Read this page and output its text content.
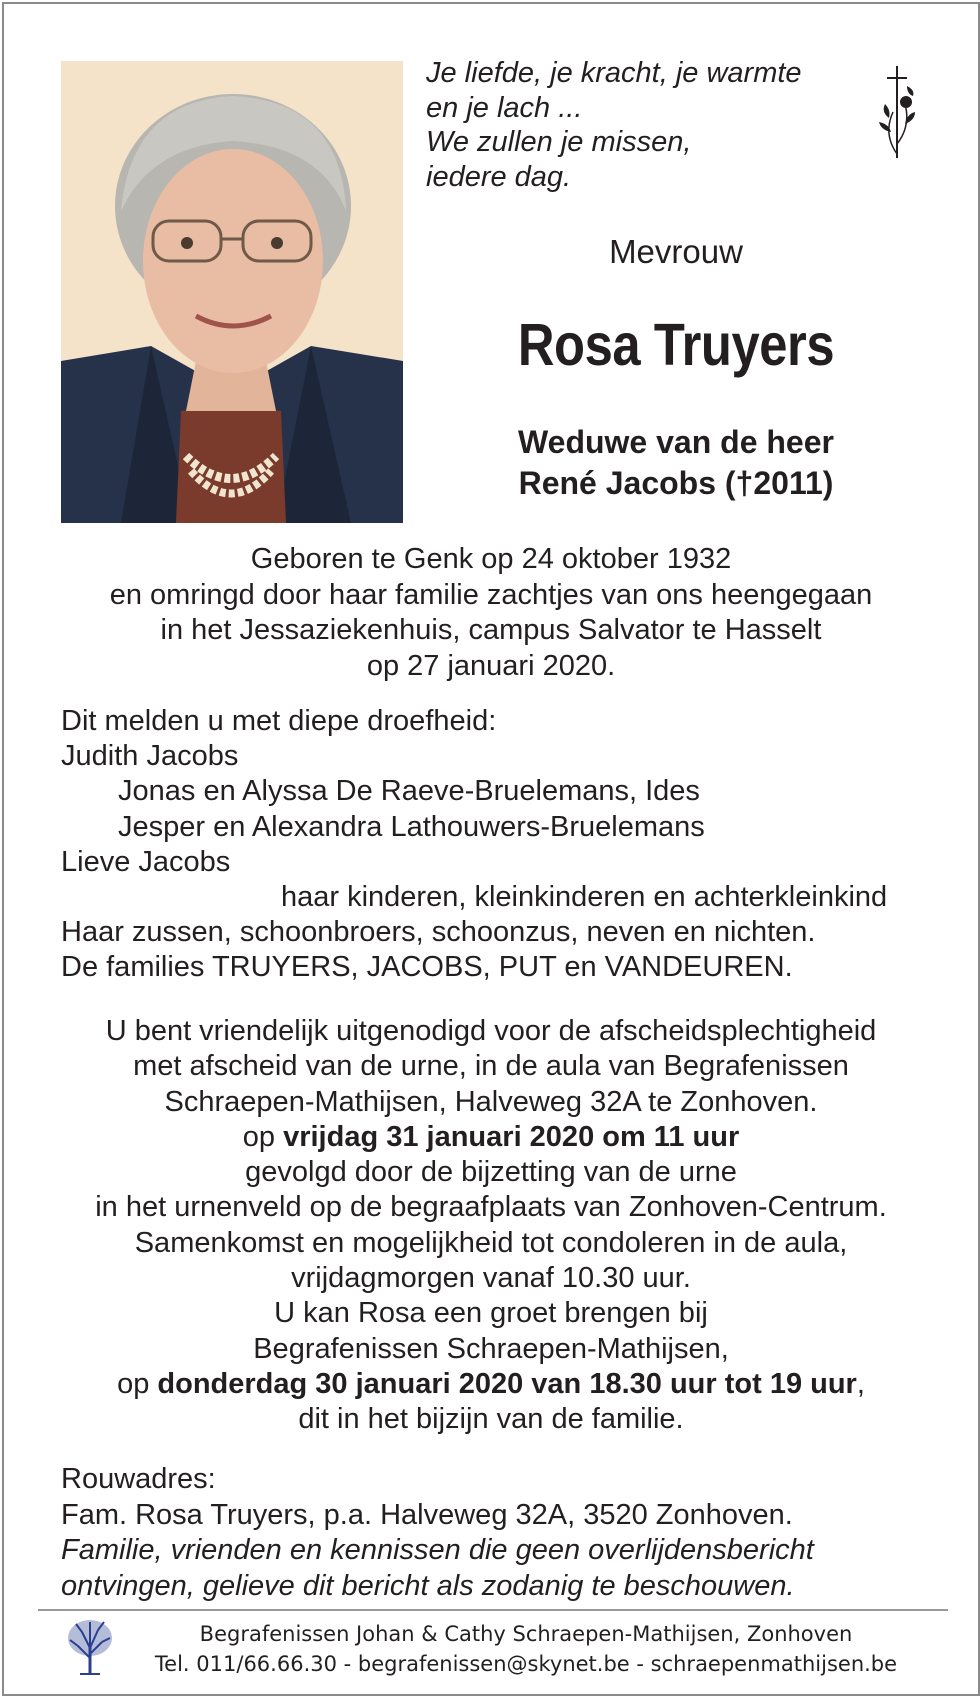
Je liefde, je kracht, je warmte
en je lach ...
We zullen je missen,
iedere dag.
Mevrouw
Rosa Truyers
Weduwe van de heer
René Jacobs (†2011)
Geboren te Genk op 24 oktober 1932
en omringd door haar familie zachtjes van ons heengegaan
in het Jessaziekenhuis, campus Salvator te Hasselt
op 27 januari 2020.
Dit melden u met diepe droefheid:
Judith Jacobs
Jonas en Alyssa De Raeve-Bruelemans, Ides
Jesper en Alexandra Lathouwers-Bruelemans
Lieve Jacobs
haar kinderen, kleinkinderen en achterkleinkind
Haar zussen, schoonbroers, schoonzus, neven en nichten.
De families TRUYERS, JACOBS, PUT en VANDEUREN.
U bent vriendelijk uitgenodigd voor de afscheidsplechtigheid
met afscheid van de urne, in de aula van Begrafenissen
Schraepen-Mathijsen, Halveweg 32A te Zonhoven.
op vrijdag 31 januari 2020 om 11 uur
gevolgd door de bijzetting van de urne
in het urnenveld op de begraafplaats van Zonhoven-Centrum.
Samenkomst en mogelijkheid tot condoleren in de aula,
vrijdagmorgen vanaf 10.30 uur.
U kan Rosa een groet brengen bij
Begrafenissen Schraepen-Mathijsen,
op donderdag 30 januari 2020 van 18.30 uur tot 19 uur,
dit in het bijzijn van de familie.
Rouwadres:
Fam. Rosa Truyers, p.a. Halveweg 32A, 3520 Zonhoven.
Familie, vrienden en kennissen die geen overlijdensbericht
ontvingen, gelieve dit bericht als zodanig te beschouwen.
Begrafenissen Johan & Cathy Schraepen-Mathijsen, Zonhoven
Tel. 011/66.66.30 - begrafenissen@skynet.be - schraepenmathijsen.be
